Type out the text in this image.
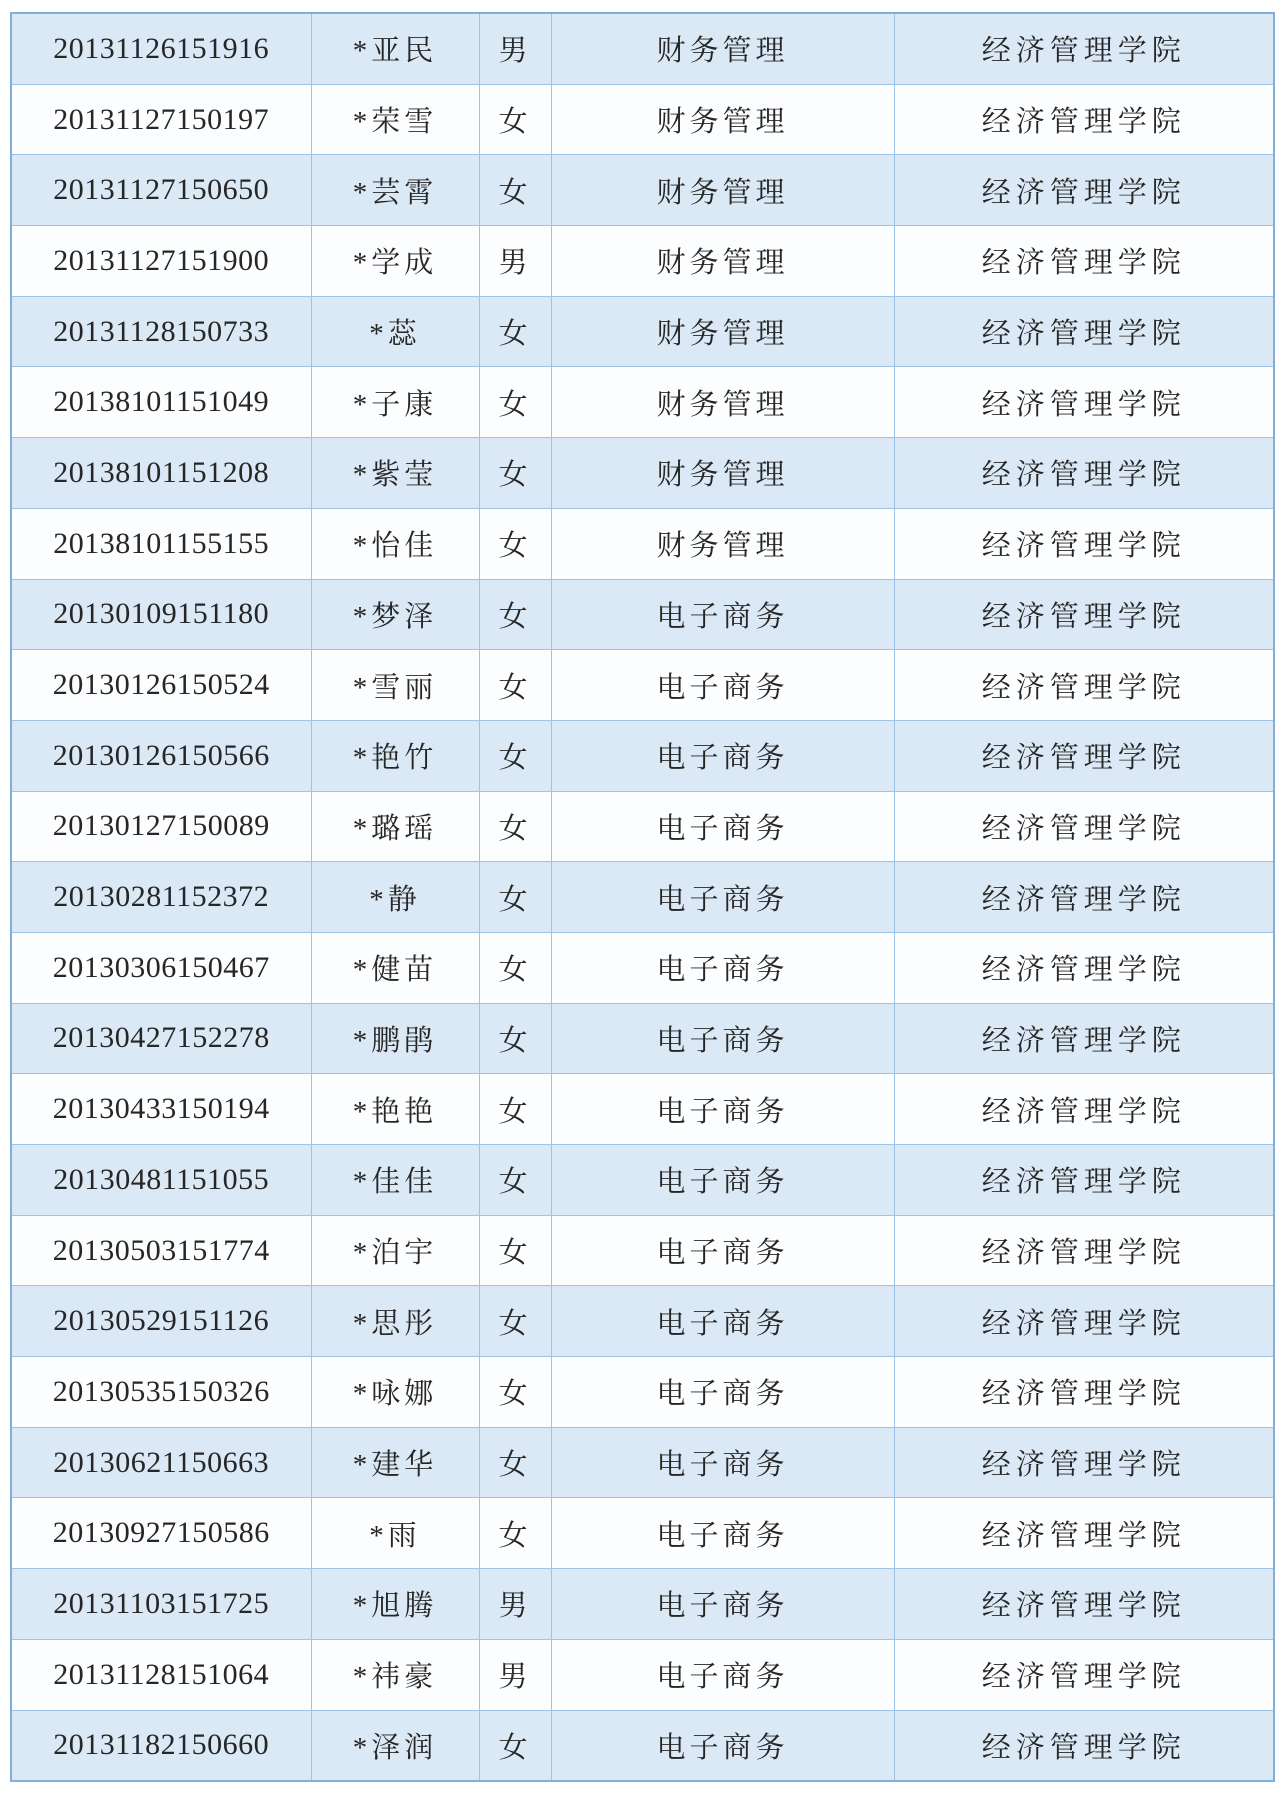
20131126151916	*亚民	男	财务管理	经济管理学院
20131127150197	*荣雪	女	财务管理	经济管理学院
20131127150650	*芸霄	女	财务管理	经济管理学院
20131127151900	*学成	男	财务管理	经济管理学院
20131128150733	*蕊	女	财务管理	经济管理学院
20138101151049	*子康	女	财务管理	经济管理学院
20138101151208	*紫莹	女	财务管理	经济管理学院
20138101155155	*怡佳	女	财务管理	经济管理学院
20130109151180	*梦泽	女	电子商务	经济管理学院
20130126150524	*雪丽	女	电子商务	经济管理学院
20130126150566	*艳竹	女	电子商务	经济管理学院
20130127150089	*璐瑶	女	电子商务	经济管理学院
20130281152372	*静	女	电子商务	经济管理学院
20130306150467	*健苗	女	电子商务	经济管理学院
20130427152278	*鹏鹃	女	电子商务	经济管理学院
20130433150194	*艳艳	女	电子商务	经济管理学院
20130481151055	*佳佳	女	电子商务	经济管理学院
20130503151774	*泊宇	女	电子商务	经济管理学院
20130529151126	*思彤	女	电子商务	经济管理学院
20130535150326	*咏娜	女	电子商务	经济管理学院
20130621150663	*建华	女	电子商务	经济管理学院
20130927150586	*雨	女	电子商务	经济管理学院
20131103151725	*旭腾	男	电子商务	经济管理学院
20131128151064	*祎豪	男	电子商务	经济管理学院
20131182150660	*泽润	女	电子商务	经济管理学院
